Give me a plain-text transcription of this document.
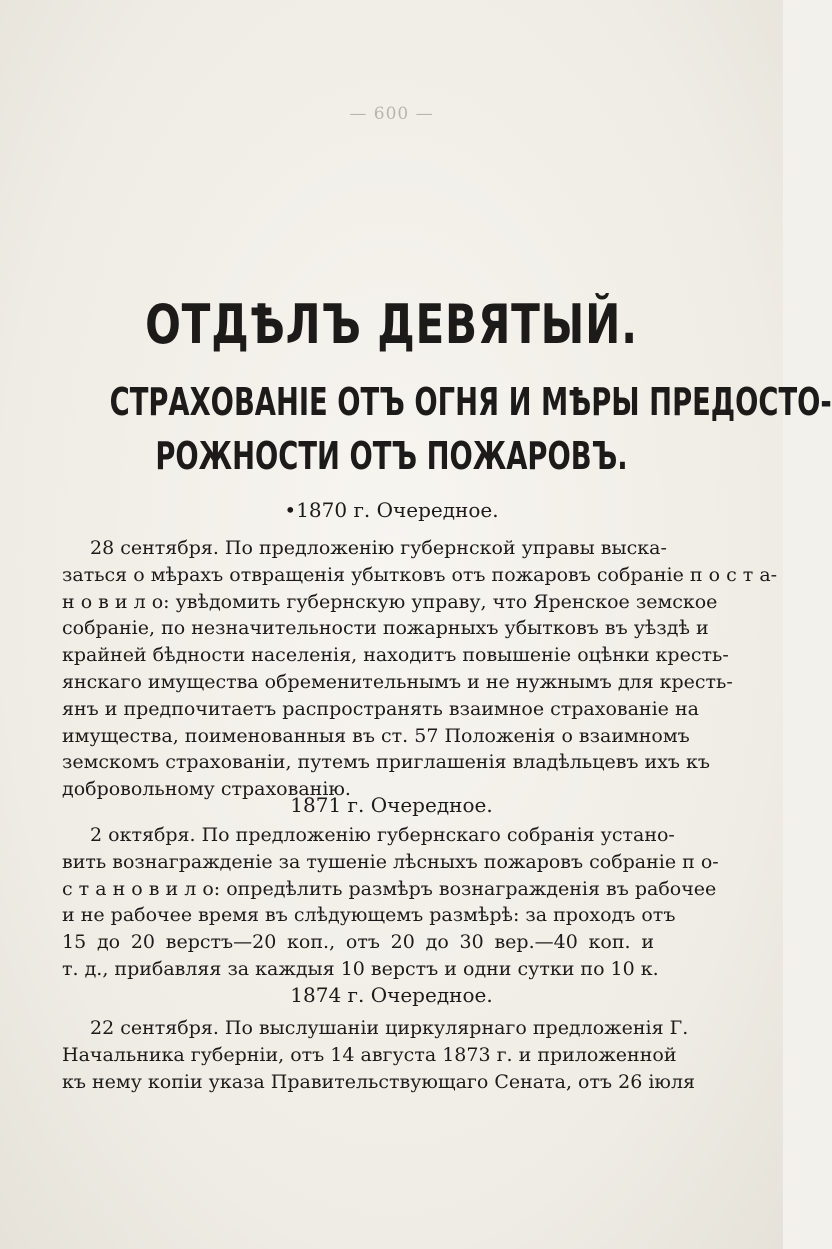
— 600 —
ОТДѢЛЪ ДЕВЯТЫЙ.
СТРАХОВАНІЕ ОТЪ ОГНЯ И МѢРЫ ПРЕДОСТО-
РОЖНОСТИ ОТЪ ПОЖАРОВЪ.
•1870 г. Очередное.
28 сентября. По предложенію губернской управы выска-
заться о мѣрахъ отвращенія убытковъ отъ пожаровъ собраніе п о с т а-
н о в и л о: увѣдомить губернскую управу, что Яренское земское
собраніе, по незначительности пожарныхъ убытковъ въ уѣздѣ и
крайней бѣдности населенія, находитъ повышеніе оцѣнки кресть-
янскаго имущества обременительнымъ и не нужнымъ для кресть-
янъ и предпочитаетъ распространять взаимное страхованіе на
имущества, поименованныя въ ст. 57 Положенія о взаимномъ
земскомъ страхованіи, путемъ приглашенія владѣльцевъ ихъ къ
добровольному страхованію.
1871 г. Очередное.
2 октября. По предложенію губернскаго собранія устано-
вить вознагражденіе за тушеніе лѣсныхъ пожаровъ собраніе п о-
с т а н о в и л о: опредѣлить размѣръ вознагражденія въ рабочее
и не рабочее время въ слѣдующемъ размѣрѣ: за проходъ отъ
15 до 20 верстъ—20 коп., отъ 20 до 30 вер.—40 коп. и
т. д., прибавляя за каждыя 10 верстъ и одни сутки по 10 к.
1874 г. Очередное.
22 сентября. По выслушаніи циркулярнаго предложенія Г.
Начальника губерніи, отъ 14 августа 1873 г. и приложенной
къ нему копіи указа Правительствующаго Сената, отъ 26 іюля
